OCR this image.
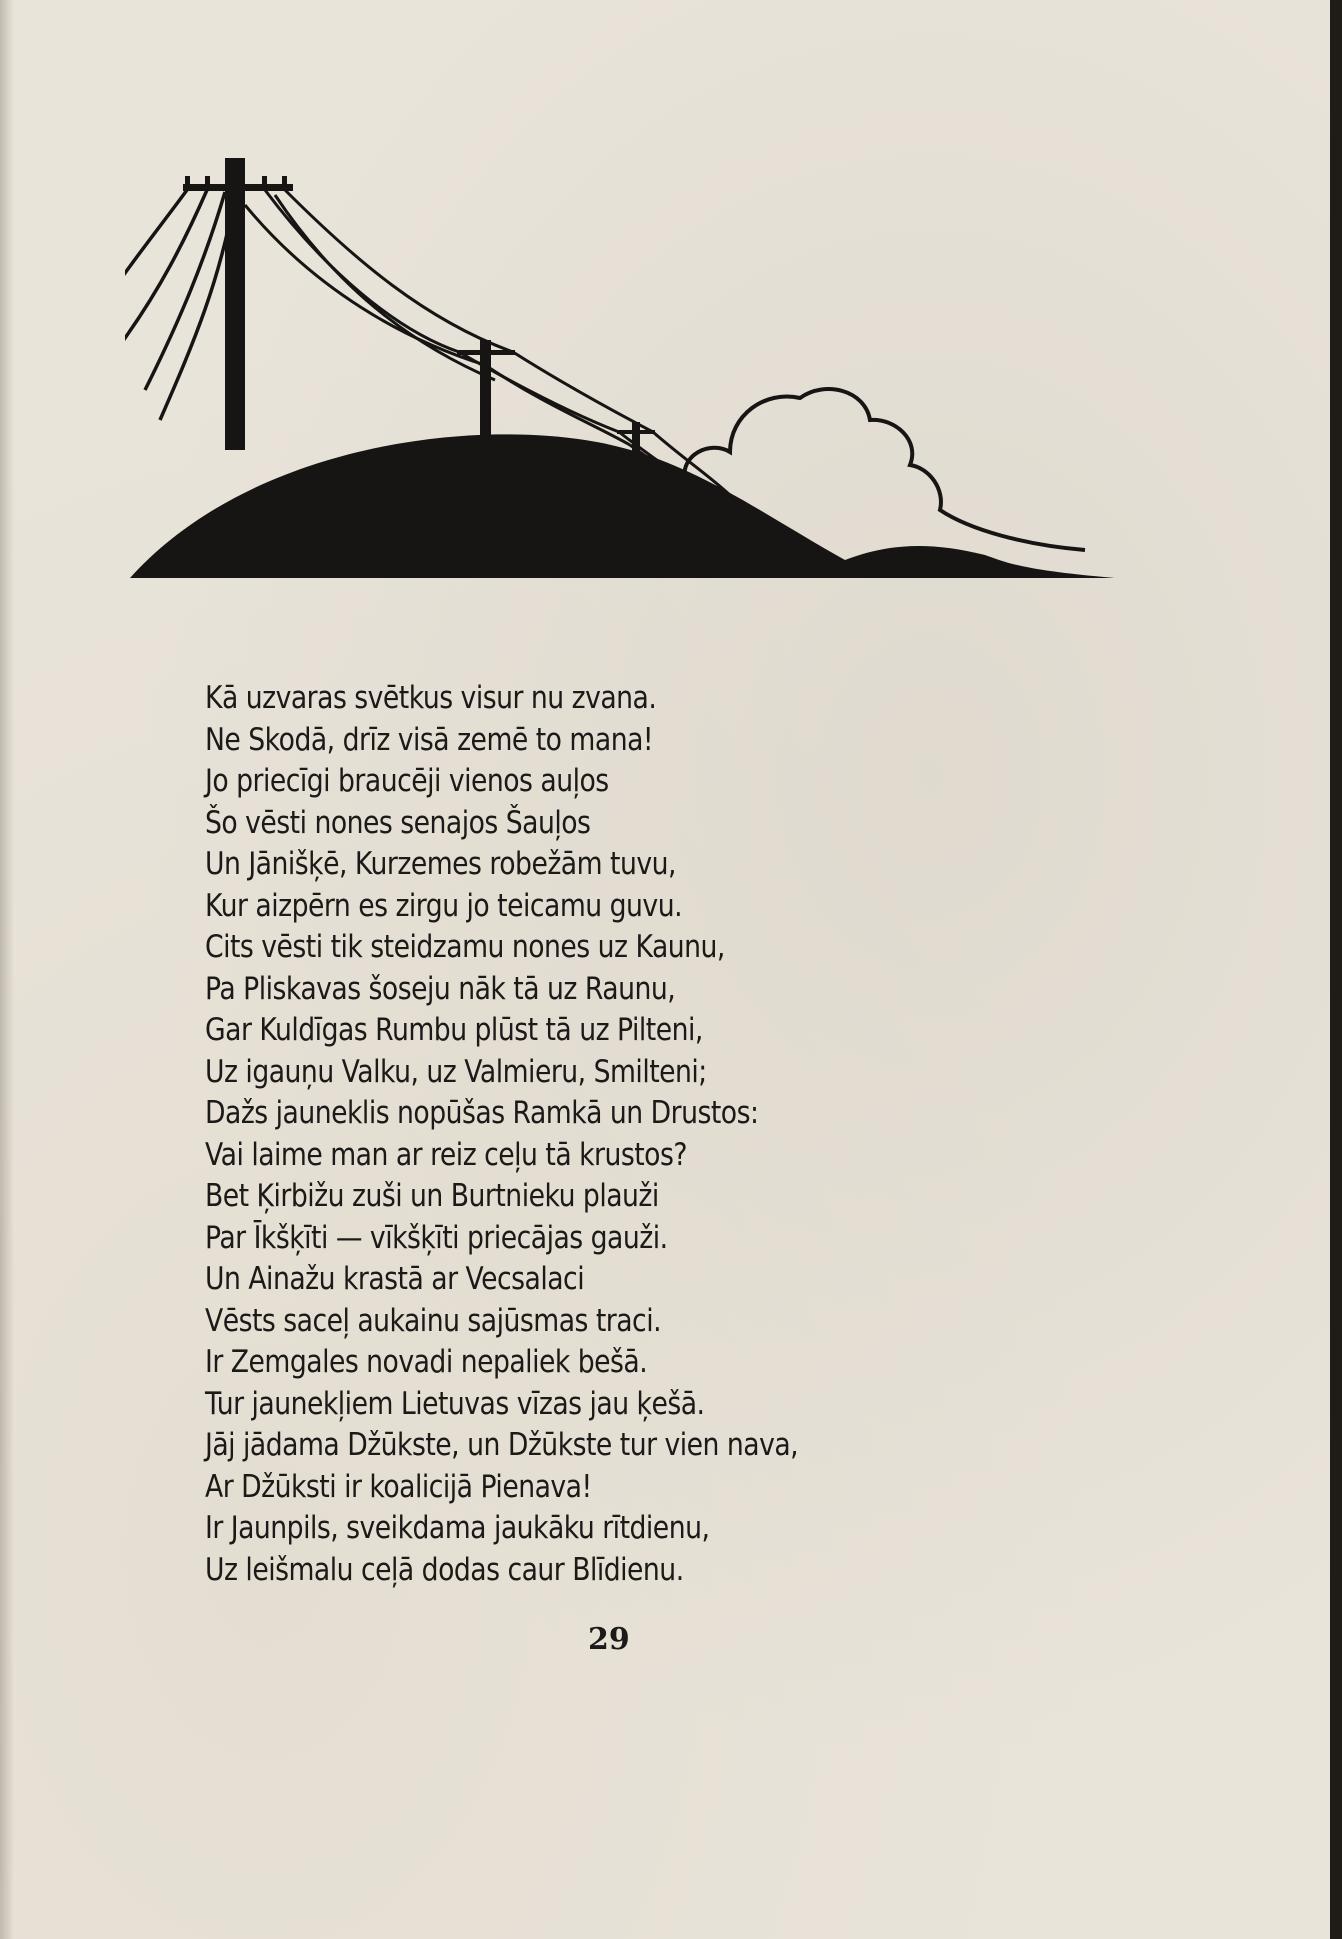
Kā uzvaras svētkus visur nu zvana.
Ne Skodā, drīz visā zemē to mana!
Jo priecīgi braucēji vienos auļos
Šo vēsti nones senajos Šauļos
Un Jānišķē, Kurzemes robežām tuvu,
Kur aizpērn es zirgu jo teicamu guvu.
Cits vēsti tik steidzamu nones uz Kaunu,
Pa Pliskavas šoseju nāk tā uz Raunu,
Gar Kuldīgas Rumbu plūst tā uz Pilteni,
Uz igauņu Valku, uz Valmieru, Smilteni;
Dažs jauneklis nopūšas Ramkā un Drustos:
Vai laime man ar reiz ceļu tā krustos?
Bet Ķirbižu zuši un Burtnieku plauži
Par Īkšķīti — vīkšķīti priecājas gauži.
Un Ainažu krastā ar Vecsalaci
Vēsts saceļ aukainu sajūsmas traci.
Ir Zemgales novadi nepaliek bešā.
Tur jaunekļiem Lietuvas vīzas jau ķešā.
Jāj jādama Džūkste, un Džūkste tur vien nava,
Ar Džūksti ir koalicijā Pienava!
Ir Jaunpils, sveikdama jaukāku rītdienu,
Uz leišmalu ceļā dodas caur Blīdienu.
29
